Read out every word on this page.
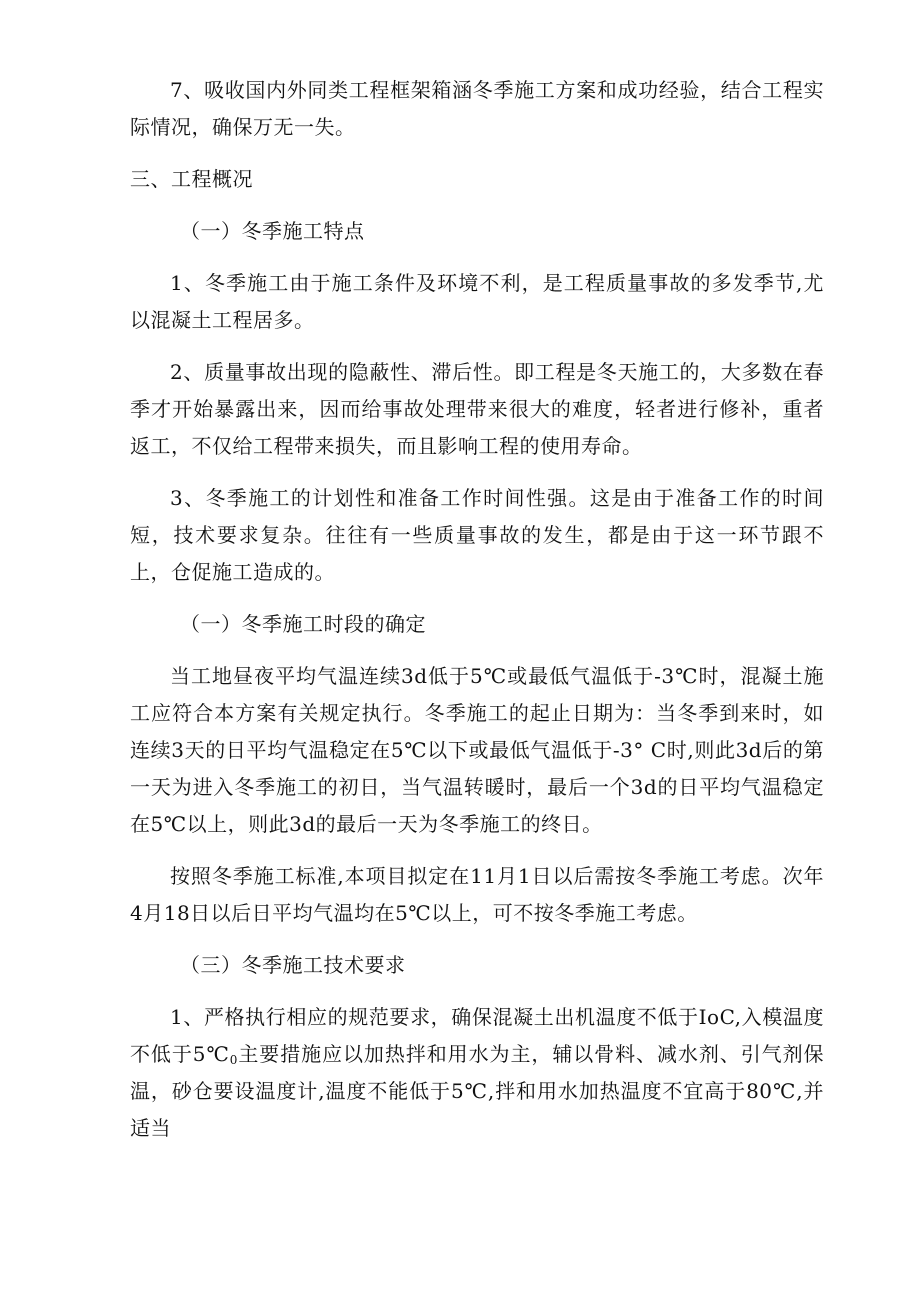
7、吸收国内外同类工程框架箱涵冬季施工方案和成功经验，结合工程实际情况，确保万无一失。

三、工程概况

（一）冬季施工特点

1、冬季施工由于施工条件及环境不利，是工程质量事故的多发季节,尤以混凝土工程居多。

2、质量事故出现的隐蔽性、滞后性。即工程是冬天施工的，大多数在春季才开始暴露出来，因而给事故处理带来很大的难度，轻者进行修补，重者返工，不仅给工程带来损失，而且影响工程的使用寿命。

3、冬季施工的计划性和准备工作时间性强。这是由于准备工作的时间短，技术要求复杂。往往有一些质量事故的发生，都是由于这一环节跟不上，仓促施工造成的。

（一）冬季施工时段的确定

当工地昼夜平均气温连续3d低于5℃或最低气温低于-3℃时，混凝土施工应符合本方案有关规定执行。冬季施工的起止日期为：当冬季到来时，如连续3天的日平均气温稳定在5℃以下或最低气温低于-3° C时,则此3d后的第一天为进入冬季施工的初日，当气温转暖时，最后一个3d的日平均气温稳定在5℃以上，则此3d的最后一天为冬季施工的终日。

按照冬季施工标准,本项目拟定在11月1日以后需按冬季施工考虑。次年4月18日以后日平均气温均在5℃以上，可不按冬季施工考虑。

（三）冬季施工技术要求

1、严格执行相应的规范要求，确保混凝土出机温度不低于IoC,入模温度不低于$5℃_0$主要措施应以加热拌和用水为主，辅以骨料、减水剂、引气剂保温，砂仓要设温度计,温度不能低于5℃,拌和用水加热温度不宜高于80℃,并适当
